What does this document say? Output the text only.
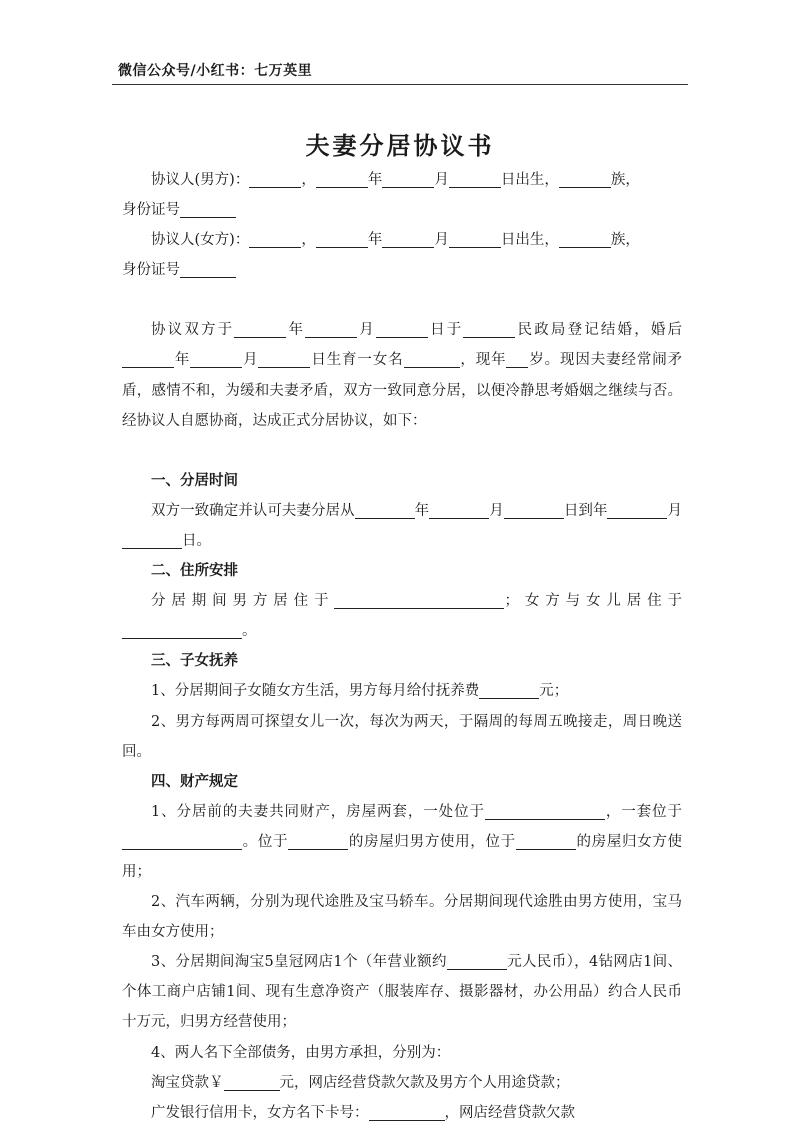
微信公众号/小红书：七万英里
夫妻分居协议书

协议人(男方)：	，	年	月	日出生，	族，

身份证号

协议人(女方)：	，	年	月	日出生，	族，

身份证号

协议双方于	年	月	日于	民政局登记结婚，婚后年	月	日生育一女名	，现年 岁。现因夫妻经常闹矛盾，感情不和，为缓和夫妻矛盾，双方一致同意分居，以便冷静思考婚姻之继续与否。经协议人自愿协商，达成正式分居协议，如下：

一、分居时间

双方一致确定并认可夫妻分居从	年	月	日到年	月日。

二、住所安排

分居期间男方居住于	；女方与女儿居住于。

三、子女抚养

1、分居期间子女随女方生活，男方每月给付抚养费	元；

2、男方每两周可探望女儿一次，每次为两天，于隔周的每周五晚接走，周日晚送回。

四、财产规定

1、分居前的夫妻共同财产，房屋两套，一处位于	，一套位于。位于	的房屋归男方使用，位于	的房屋归女方使用；

2、汽车两辆，分别为现代途胜及宝马轿车。分居期间现代途胜由男方使用，宝马车由女方使用；

3、分居期间淘宝5皇冠网店1个（年营业额约	元人民币），4钻网店1间、个体工商户店铺1间、现有生意净资产（服装库存、摄影器材，办公用品）约合人民币十万元，归男方经营使用；

4、两人名下全部债务，由男方承担，分别为：

淘宝贷款￥	元，网店经营贷款欠款及男方个人用途贷款；

广发银行信用卡，女方名下卡号：	，网店经营贷款欠款
